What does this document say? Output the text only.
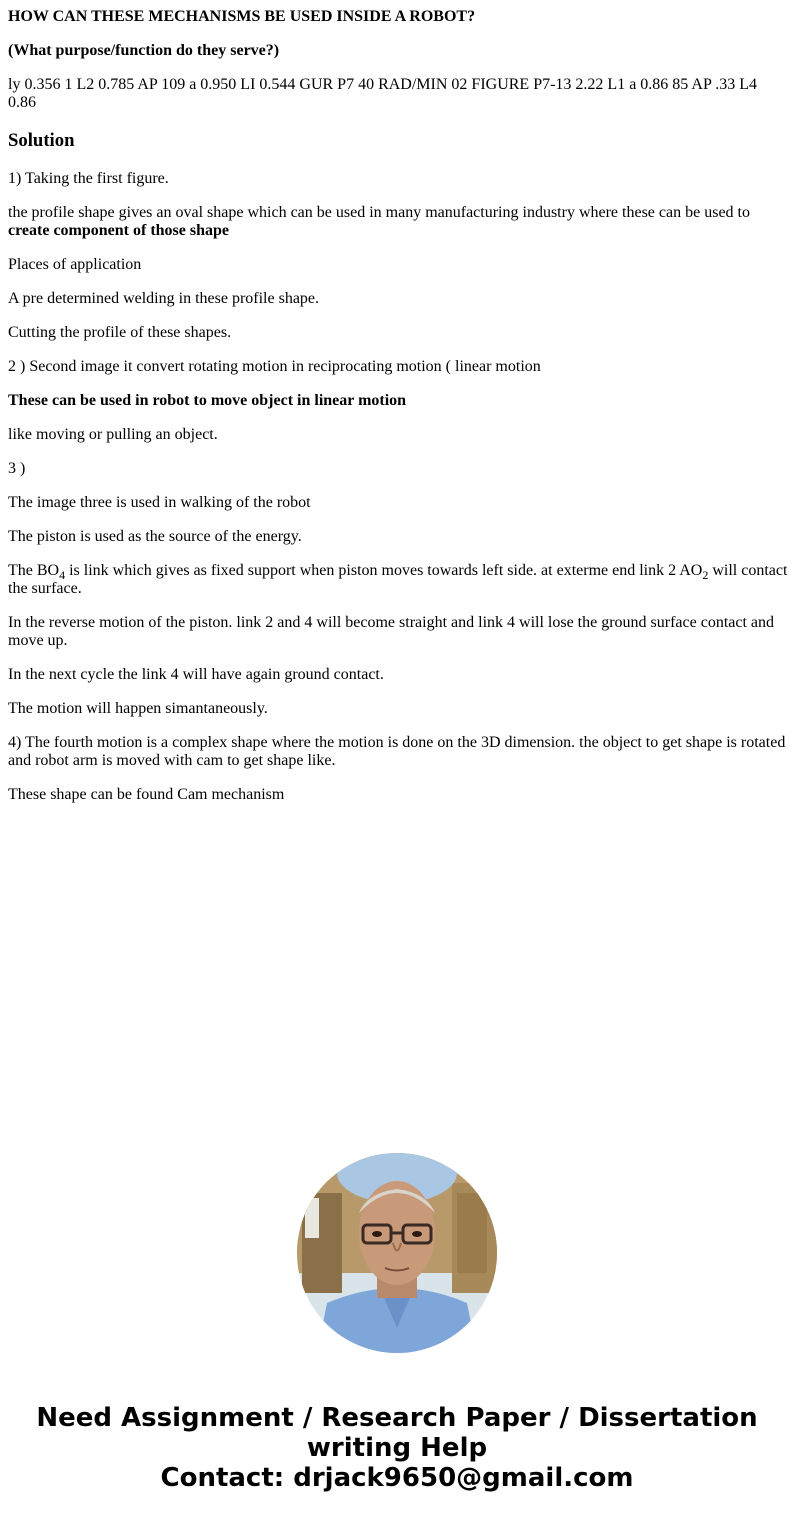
HOW CAN THESE MECHANISMS BE USED INSIDE A ROBOT?

(What purpose/function do they serve?)

ly 0.356 1 L2 0.785 AP 109 a 0.950 LI 0.544 GUR P7 40 RAD/MIN 02 FIGURE P7-13 2.22 L1 a 0.86 85 AP .33 L4 0.86

Solution

1) Taking the first figure.

the profile shape gives an oval shape which can be used in many manufacturing industry where these can be used to create component of those shape

Places of application

A pre determined welding in these profile shape.

Cutting the profile of these shapes.

2 ) Second image it convert rotating motion in reciprocating motion ( linear motion

These can be used in robot to move object in linear motion

like moving or pulling an object.

3 )

The image three is used in walking of the robot

The piston is used as the source of the energy.

The $BO_4$ is link which gives as fixed support when piston moves towards left side. at exterme end link 2 $AO_2$ will contact the surface.

In the reverse motion of the piston. link 2 and 4 will become straight and link 4 will lose the ground surface contact and move up.

In the next cycle the link 4 will have again ground contact.

The motion will happen simantaneously.

4) The fourth motion is a complex shape where the motion is done on the 3D dimension. the object to get shape is rotated and robot arm is moved with cam to get shape like.

These shape can be found Cam mechanism

Need Assignment / Research Paper / Dissertation
writing Help
Contact: drjack9650@gmail.com
